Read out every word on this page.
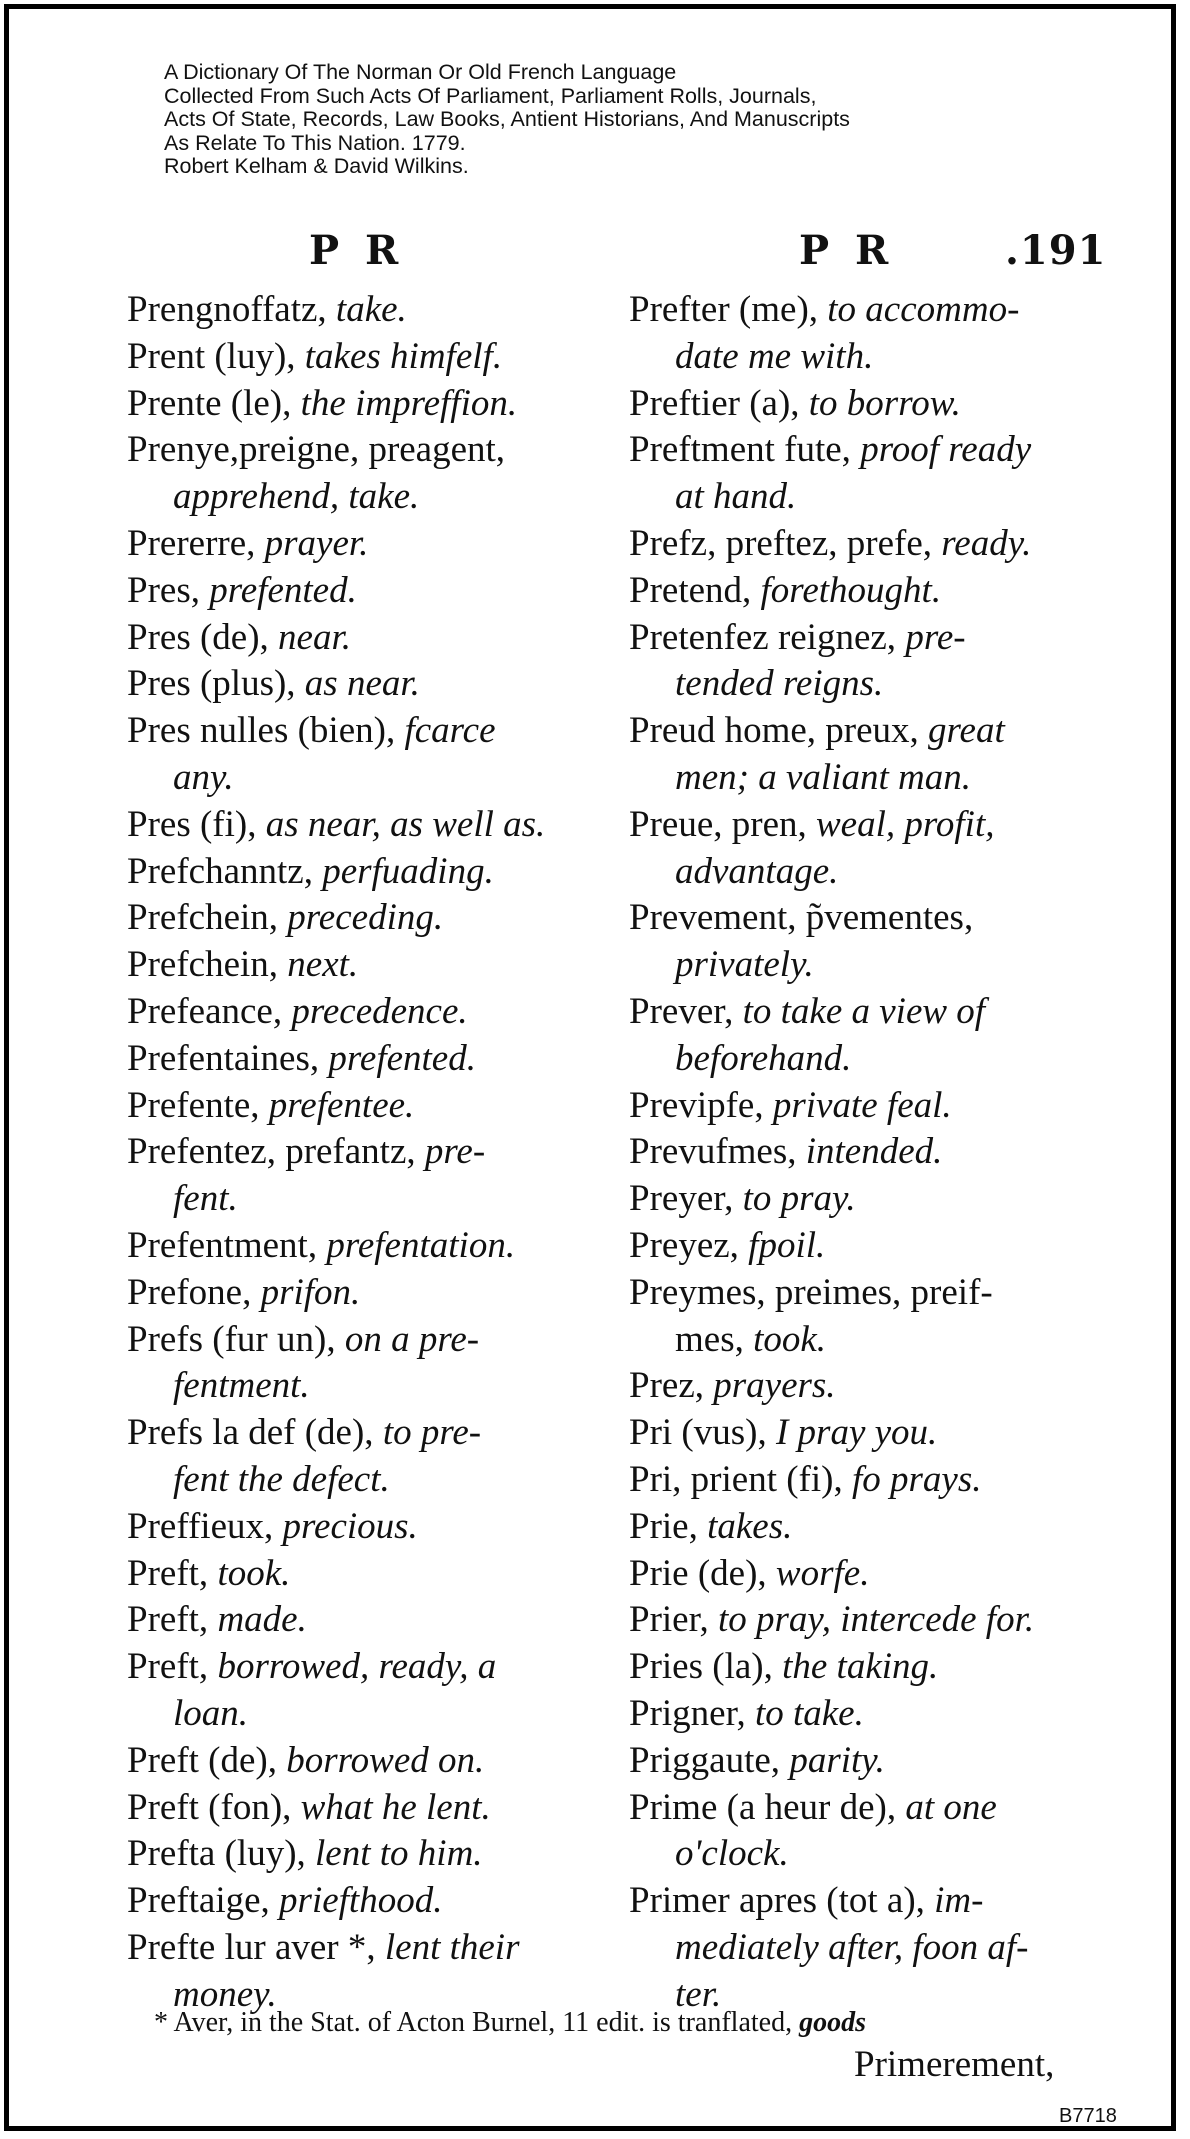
A Dictionary Of The Norman Or Old French Language
Collected From Such Acts Of Parliament, Parliament Rolls, Journals,
Acts Of State, Records, Law Books, Antient Historians, And Manuscripts
As Relate To This Nation. 1779.
Robert Kelham & David Wilkins.
P R	P R	.191
Prengnoffatz, take.
Prent (luy), takes himfelf.
Prente (le), the impreffion.
Prenye,preigne, preagent,
apprehend, take.
Prererre, prayer.
Pres, prefented.
Pres (de), near.
Pres (plus), as near.
Pres nulles (bien), fcarce
any.
Pres (fi), as near, as well as.
Prefchanntz, perfuading.
Prefchein, preceding.
Prefchein, next.
Prefeance, precedence.
Prefentaines, prefented.
Prefente, prefentee.
Prefentez, prefantz, pre-
fent.
Prefentment, prefentation.
Prefone, prifon.
Prefs (fur un), on a pre-
fentment.
Prefs la def (de), to pre-
fent the defect.
Preffieux, precious.
Preft, took.
Preft, made.
Preft, borrowed, ready, a
loan.
Preft (de), borrowed on.
Preft (fon), what he lent.
Prefta (luy), lent to him.
Preftaige, priefthood.
Prefte lur aver *, lent their
money.
Prefter (me), to accommo-
date me with.
Preftier (a), to borrow.
Preftment fute, proof ready
at hand.
Prefz, preftez, prefe, ready.
Pretend, forethought.
Pretenfez reignez, pre-
tended reigns.
Preud home, preux, great
men; a valiant man.
Preue, pren, weal, profit,
advantage.
Prevement, p̃vementes,
privately.
Prever, to take a view of
beforehand.
Previpfe, private feal.
Prevufmes, intended.
Preyer, to pray.
Preyez, fpoil.
Preymes, preimes, preif-
mes, took.
Prez, prayers.
Pri (vus), I pray you.
Pri, prient (fi), fo prays.
Prie, takes.
Prie (de), worfe.
Prier, to pray, intercede for.
Pries (la), the taking.
Prigner, to take.
Priggaute, parity.
Prime (a heur de), at one
o'clock.
Primer apres (tot a), im-
mediately after, foon af-
ter.
* Aver, in the Stat. of Acton Burnel, 11 edit. is tranflated, goods
Primerement,
B7718
